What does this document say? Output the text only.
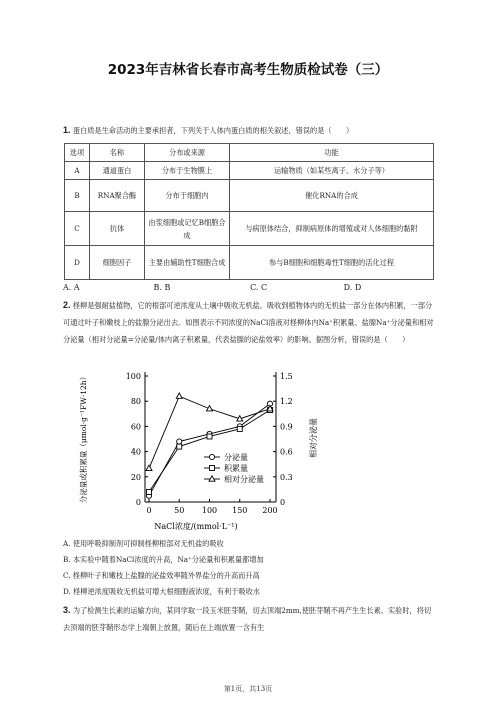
2023年吉林省长春市高考生物质检试卷（三）
1. 蛋白质是生命活动的主要承担者，下列关于人体内蛋白质的相关叙述，错误的是（　　）
选项	名称	分布或来源	功能
A	通道蛋白	分布于生物膜上	运输物质（如某些离子、水分子等）
B	RNA聚合酶	分布于细胞内	催化RNA的合成
C	抗体	由浆细胞或记忆B细胞合成	与病原体结合，抑制病原体的增殖或对人体细胞的黏附
D	细胞因子	主要由辅助性T细胞合成	参与B细胞和细胞毒性T细胞的活化过程
A. A	B. B	C. C	D. D
2. 柽柳是强耐盐植物，它的根部可逆浓度从土壤中吸收无机盐。吸收到植物体内的无机盐一部分在体内积累，一部分可通过叶子和嫩枝上的盐腺分泌出去。如图表示不同浓度的NaCl溶液对柽柳体内Na⁺积累量、盐腺Na⁺分泌量和相对分泌量（相对分泌量=分泌量/体内离子积累量，代表盐腺的泌盐效率）的影响。据图分析，错误的是（　　）
0
20
40
60
80
100
0
0.3
0.6
0.9
1.2
1.5
0	50 100 150 200
分泌量
积累量
相对分泌量
NaCl浓度/(mmol·L⁻¹)
分泌量或积累量（μmol·g⁻¹FW·12h）	相对分泌量
A. 使用呼吸抑制剂可抑制柽柳根部对无机盐的吸收
B. 本实验中随着NaCl浓度的升高，Na⁺分泌量和积累量都增加
C. 柽柳叶子和嫩枝上盐腺的泌盐效率随外界盐分的升高而升高
D. 柽柳逆浓度吸收无机盐可增大根细胞液浓度，有利于吸收水
3. 为了检测生长素的运输方向，某同学取一段玉米胚芽鞘，切去顶端2mm,使胚芽鞘不再产生生长素。实验时，将切去顶端的胚芽鞘形态学上端朝上放置，随后在上端放置一含有生
第1页，共13页
